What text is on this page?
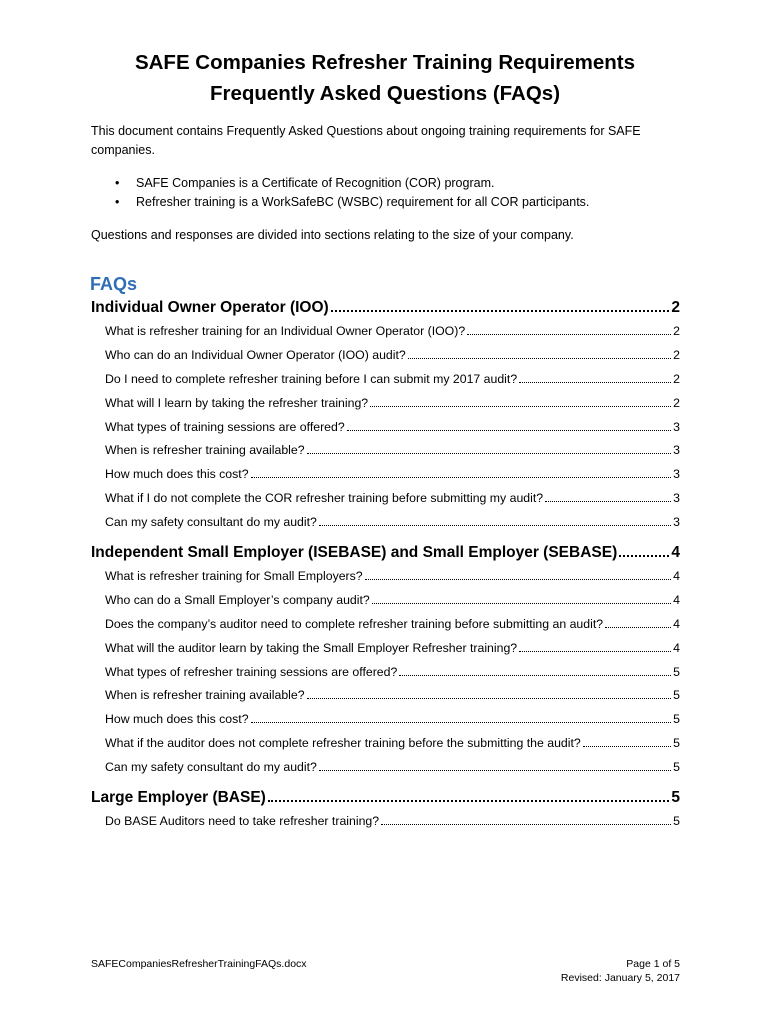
SAFE Companies Refresher Training Requirements
Frequently Asked Questions (FAQs)
This document contains Frequently Asked Questions about ongoing training requirements for SAFE companies.
• SAFE Companies is a Certificate of Recognition (COR) program.
• Refresher training is a WorkSafeBC (WSBC) requirement for all COR participants.
Questions and responses are divided into sections relating to the size of your company.
FAQs
Individual Owner Operator (IOO)	2
What is refresher training for an Individual Owner Operator (IOO)?	2
Who can do an Individual Owner Operator (IOO) audit?	2
Do I need to complete refresher training before I can submit my 2017 audit?	2
What will I learn by taking the refresher training?	2
What types of training sessions are offered?	3
When is refresher training available?	3
How much does this cost?	3
What if I do not complete the COR refresher training before submitting my audit?	3
Can my safety consultant do my audit?	3
Independent Small Employer (ISEBASE) and Small Employer (SEBASE)	4
What is refresher training for Small Employers?	4
Who can do a Small Employer’s company audit?	4
Does the company’s auditor need to complete refresher training before submitting an audit?	4
What will the auditor learn by taking the Small Employer Refresher training?	4
What types of refresher training sessions are offered?	5
When is refresher training available?	5
How much does this cost?	5
What if the auditor does not complete refresher training before the submitting the audit?	5
Can my safety consultant do my audit?	5
Large Employer (BASE)	5
Do BASE Auditors need to take refresher training?	5
SAFECompaniesRefresherTrainingFAQs.docx	Page 1 of 5
Revised: January 5, 2017
